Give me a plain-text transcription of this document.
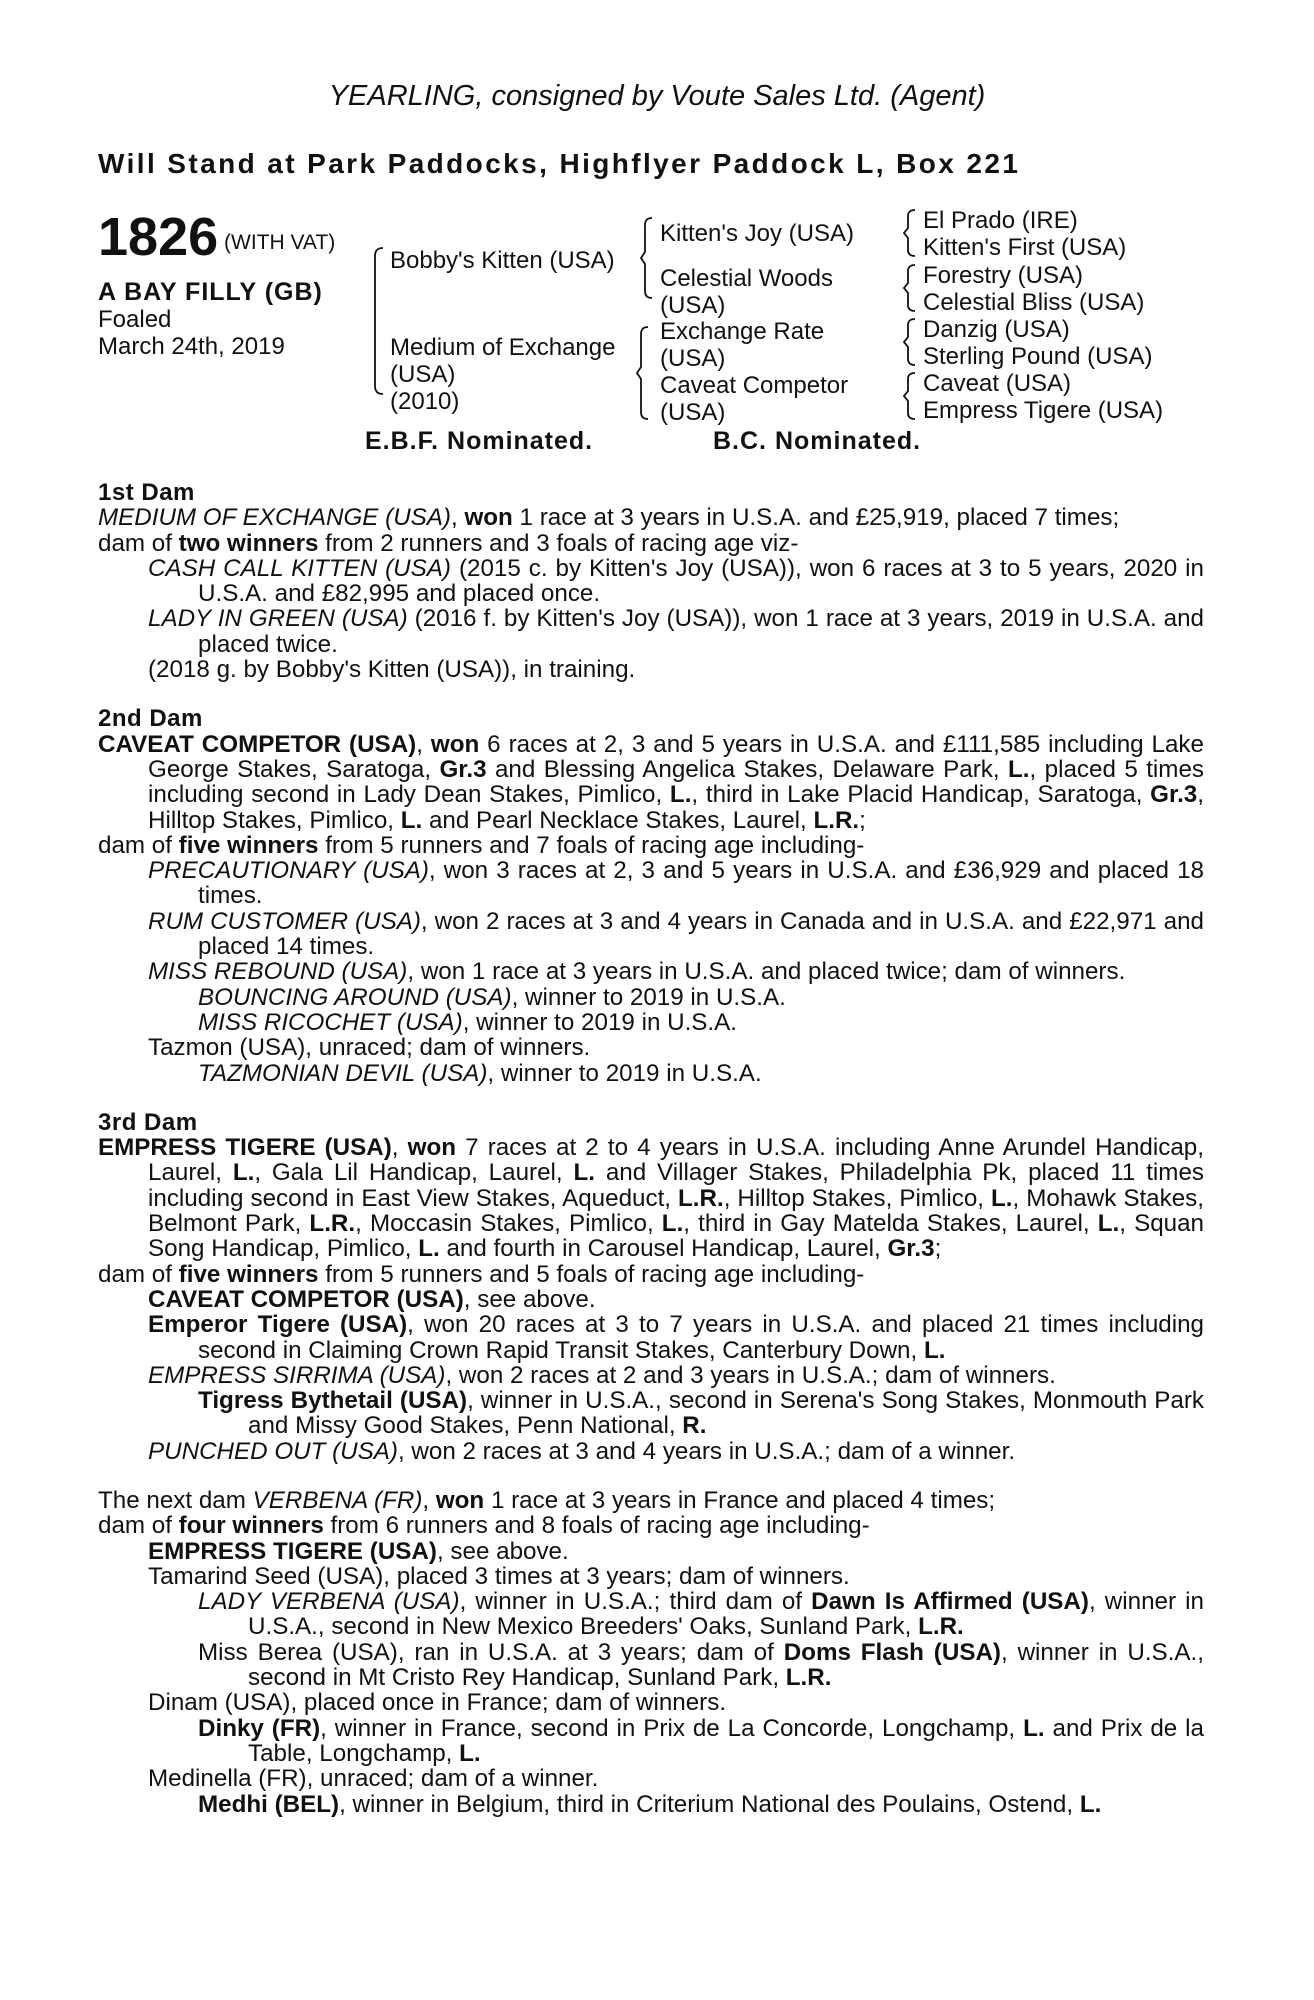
YEARLING, consigned by Voute Sales Ltd. (Agent)
Will Stand at Park Paddocks, Highflyer Paddock L, Box 221
1826 (WITH VAT)
A BAY FILLY (GB)
Foaled
March 24th, 2019
Bobby's Kitten (USA)
Medium of Exchange
(USA)
(2010)
Kitten's Joy (USA)
Celestial Woods
(USA)
Exchange Rate
(USA)
Caveat Competor
(USA)
El Prado (IRE)
Kitten's First (USA)
Forestry (USA)
Celestial Bliss (USA)
Danzig (USA)
Sterling Pound (USA)
Caveat (USA)
Empress Tigere (USA)
E.B.F. Nominated.	B.C. Nominated.

1st Dam

MEDIUM OF EXCHANGE (USA), won 1 race at 3 years in U.S.A. and £25,919, placed 7 times;

dam of two winners from 2 runners and 3 foals of racing age viz-

CASH CALL KITTEN (USA) (2015 c. by Kitten's Joy (USA)), won 6 races at 3 to 5 years, 2020 in U.S.A. and £82,995 and placed once.

LADY IN GREEN (USA) (2016 f. by Kitten's Joy (USA)), won 1 race at 3 years, 2019 in U.S.A. and placed twice.

(2018 g. by Bobby's Kitten (USA)), in training.

2nd Dam

CAVEAT COMPETOR (USA), won 6 races at 2, 3 and 5 years in U.S.A. and £111,585 including Lake George Stakes, Saratoga, Gr.3 and Blessing Angelica Stakes, Delaware Park, L., placed 5 times including second in Lady Dean Stakes, Pimlico, L., third in Lake Placid Handicap, Saratoga, Gr.3, Hilltop Stakes, Pimlico, L. and Pearl Necklace Stakes, Laurel, L.R.;

dam of five winners from 5 runners and 7 foals of racing age including-

PRECAUTIONARY (USA), won 3 races at 2, 3 and 5 years in U.S.A. and £36,929 and placed 18 times.

RUM CUSTOMER (USA), won 2 races at 3 and 4 years in Canada and in U.S.A. and £22,971 and placed 14 times.

MISS REBOUND (USA), won 1 race at 3 years in U.S.A. and placed twice; dam of winners.

BOUNCING AROUND (USA), winner to 2019 in U.S.A.

MISS RICOCHET (USA), winner to 2019 in U.S.A.

Tazmon (USA), unraced; dam of winners.

TAZMONIAN DEVIL (USA), winner to 2019 in U.S.A.

3rd Dam

EMPRESS TIGERE (USA), won 7 races at 2 to 4 years in U.S.A. including Anne Arundel Handicap, Laurel, L., Gala Lil Handicap, Laurel, L. and Villager Stakes, Philadelphia Pk, placed 11 times including second in East View Stakes, Aqueduct, L.R., Hilltop Stakes, Pimlico, L., Mohawk Stakes, Belmont Park, L.R., Moccasin Stakes, Pimlico, L., third in Gay Matelda Stakes, Laurel, L., Squan Song Handicap, Pimlico, L. and fourth in Carousel Handicap, Laurel, Gr.3;

dam of five winners from 5 runners and 5 foals of racing age including-

CAVEAT COMPETOR (USA), see above.

Emperor Tigere (USA), won 20 races at 3 to 7 years in U.S.A. and placed 21 times including second in Claiming Crown Rapid Transit Stakes, Canterbury Down, L.

EMPRESS SIRRIMA (USA), won 2 races at 2 and 3 years in U.S.A.; dam of winners.

Tigress Bythetail (USA), winner in U.S.A., second in Serena's Song Stakes, Monmouth Park and Missy Good Stakes, Penn National, R.

PUNCHED OUT (USA), won 2 races at 3 and 4 years in U.S.A.; dam of a winner.

The next dam VERBENA (FR), won 1 race at 3 years in France and placed 4 times;

dam of four winners from 6 runners and 8 foals of racing age including-

EMPRESS TIGERE (USA), see above.

Tamarind Seed (USA), placed 3 times at 3 years; dam of winners.

LADY VERBENA (USA), winner in U.S.A.; third dam of Dawn Is Affirmed (USA), winner in U.S.A., second in New Mexico Breeders' Oaks, Sunland Park, L.R.

Miss Berea (USA), ran in U.S.A. at 3 years; dam of Doms Flash (USA), winner in U.S.A., second in Mt Cristo Rey Handicap, Sunland Park, L.R.

Dinam (USA), placed once in France; dam of winners.

Dinky (FR), winner in France, second in Prix de La Concorde, Longchamp, L. and Prix de la Table, Longchamp, L.

Medinella (FR), unraced; dam of a winner.

Medhi (BEL), winner in Belgium, third in Criterium National des Poulains, Ostend, L.
